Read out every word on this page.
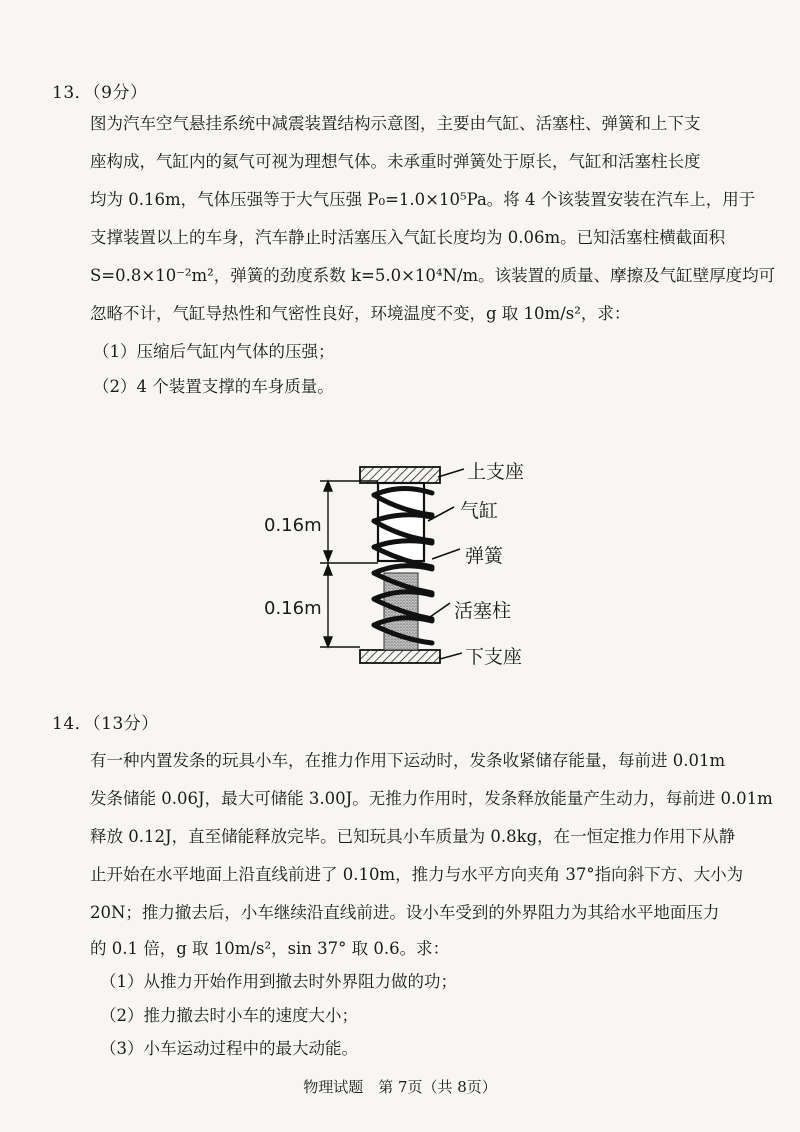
13．（9分）
图为汽车空气悬挂系统中减震装置结构示意图，主要由气缸、活塞柱、弹簧和上下支
座构成，气缸内的氦气可视为理想气体。未承重时弹簧处于原长，气缸和活塞柱长度
均为 0.16m，气体压强等于大气压强 P₀=1.0×10⁵Pa。将 4 个该装置安装在汽车上，用于
支撑装置以上的车身，汽车静止时活塞压入气缸长度均为 0.06m。已知活塞柱横截面积
S=0.8×10⁻²m²，弹簧的劲度系数 k=5.0×10⁴N/m。该装置的质量、摩擦及气缸壁厚度均可
忽略不计，气缸导热性和气密性良好，环境温度不变，g 取 10m/s²，求：
（1）压缩后气缸内气体的压强；
（2）4 个装置支撑的车身质量。
上支座
气缸
弹簧
活塞柱
下支座
0.16m
0.16m
14．（13分）
有一种内置发条的玩具小车，在推力作用下运动时，发条收紧储存能量，每前进 0.01m
发条储能 0.06J，最大可储能 3.00J。无推力作用时，发条释放能量产生动力，每前进 0.01m
释放 0.12J，直至储能释放完毕。已知玩具小车质量为 0.8kg，在一恒定推力作用下从静
止开始在水平地面上沿直线前进了 0.10m，推力与水平方向夹角 37°指向斜下方、大小为
20N；推力撤去后，小车继续沿直线前进。设小车受到的外界阻力为其给水平地面压力
的 0.1 倍，g 取 10m/s²，sin 37° 取 0.6。求：
（1）从推力开始作用到撤去时外界阻力做的功；
（2）推力撤去时小车的速度大小；
（3）小车运动过程中的最大动能。
物理试题　第 7页（共 8页）
